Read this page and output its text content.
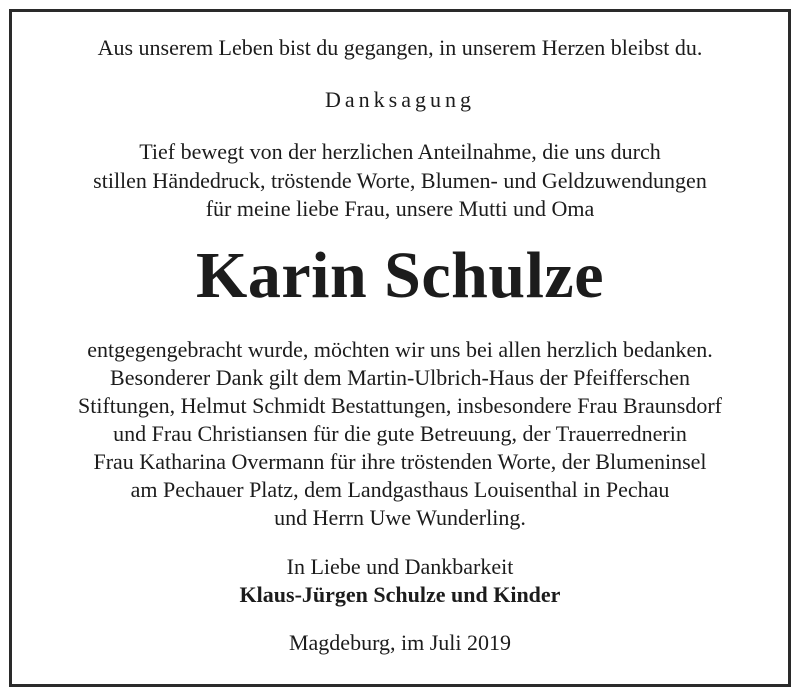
Aus unserem Leben bist du gegangen, in unserem Herzen bleibst du.

Danksagung

Tief bewegt von der herzlichen Anteilnahme, die uns durch

stillen Händedruck, tröstende Worte, Blumen- und Geldzuwendungen

für meine liebe Frau, unsere Mutti und Oma

Karin Schulze

entgegengebracht wurde, möchten wir uns bei allen herzlich bedanken.

Besonderer Dank gilt dem Martin-Ulbrich-Haus der Pfeifferschen

Stiftungen, Helmut Schmidt Bestattungen, insbesondere Frau Braunsdorf

und Frau Christiansen für die gute Betreuung, der Trauerrednerin

Frau Katharina Overmann für ihre tröstenden Worte, der Blumeninsel

am Pechauer Platz, dem Landgasthaus Louisenthal in Pechau

und Herrn Uwe Wunderling.

In Liebe und Dankbarkeit

Klaus-Jürgen Schulze und Kinder

Magdeburg, im Juli 2019
